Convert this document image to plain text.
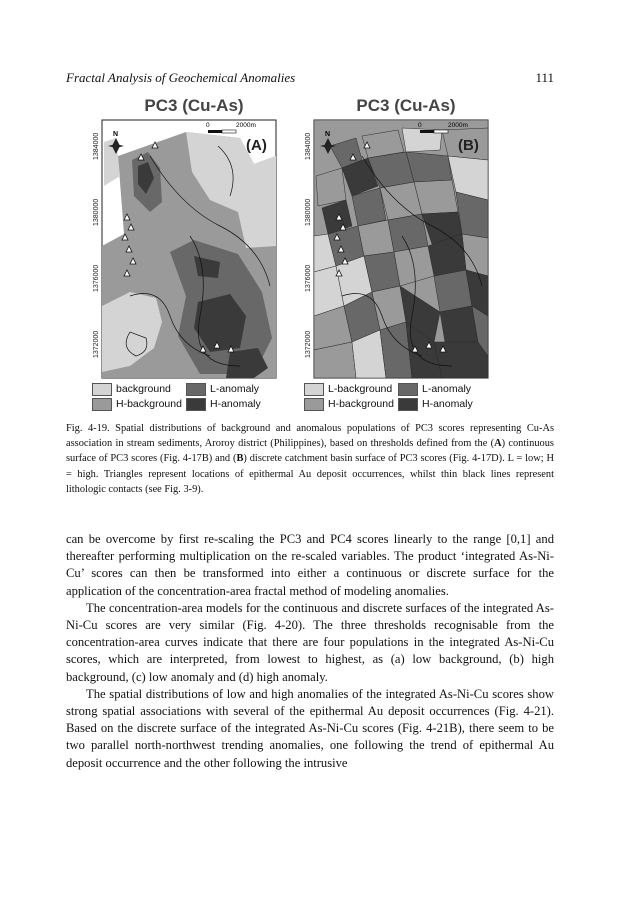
Fractal Analysis of Geochemical Anomalies	111
PC3 (Cu-As)
1384000
1380000
1376000
1372000
N
0	2000m
(A)
background
H-background
L-anomaly
H-anomaly
PC3 (Cu-As)
1384000
1380000
1376000
1372000
N
0	2000m
(B)
L-background
H-background
L-anomaly
H-anomaly
Fig. 4-19. Spatial distributions of background and anomalous populations of PC3 scores representing Cu-As association in stream sediments, Aroroy district (Philippines), based on thresholds defined from the (A) continuous surface of PC3 scores (Fig. 4-17B) and (B) discrete catchment basin surface of PC3 scores (Fig. 4-17D). L = low; H = high. Triangles represent locations of epithermal Au deposit occurrences, whilst thin black lines represent lithologic contacts (see Fig. 3-9).

can be overcome by first re-scaling the PC3 and PC4 scores linearly to the range [0,1] and thereafter performing multiplication on the re-scaled variables. The product ‘integrated As-Ni-Cu’ scores can then be transformed into either a continuous or discrete surface for the application of the concentration-area fractal method of modeling anomalies.

The concentration-area models for the continuous and discrete surfaces of the integrated As-Ni-Cu scores are very similar (Fig. 4-20). The three thresholds recognisable from the concentration-area curves indicate that there are four populations in the integrated As-Ni-Cu scores, which are interpreted, from lowest to highest, as (a) low background, (b) high background, (c) low anomaly and (d) high anomaly.

The spatial distributions of low and high anomalies of the integrated As-Ni-Cu scores show strong spatial associations with several of the epithermal Au deposit occurrences (Fig. 4-21). Based on the discrete surface of the integrated As-Ni-Cu scores (Fig. 4-21B), there seem to be two parallel north-northwest trending anomalies, one following the trend of epithermal Au deposit occurrence and the other following the intrusive
